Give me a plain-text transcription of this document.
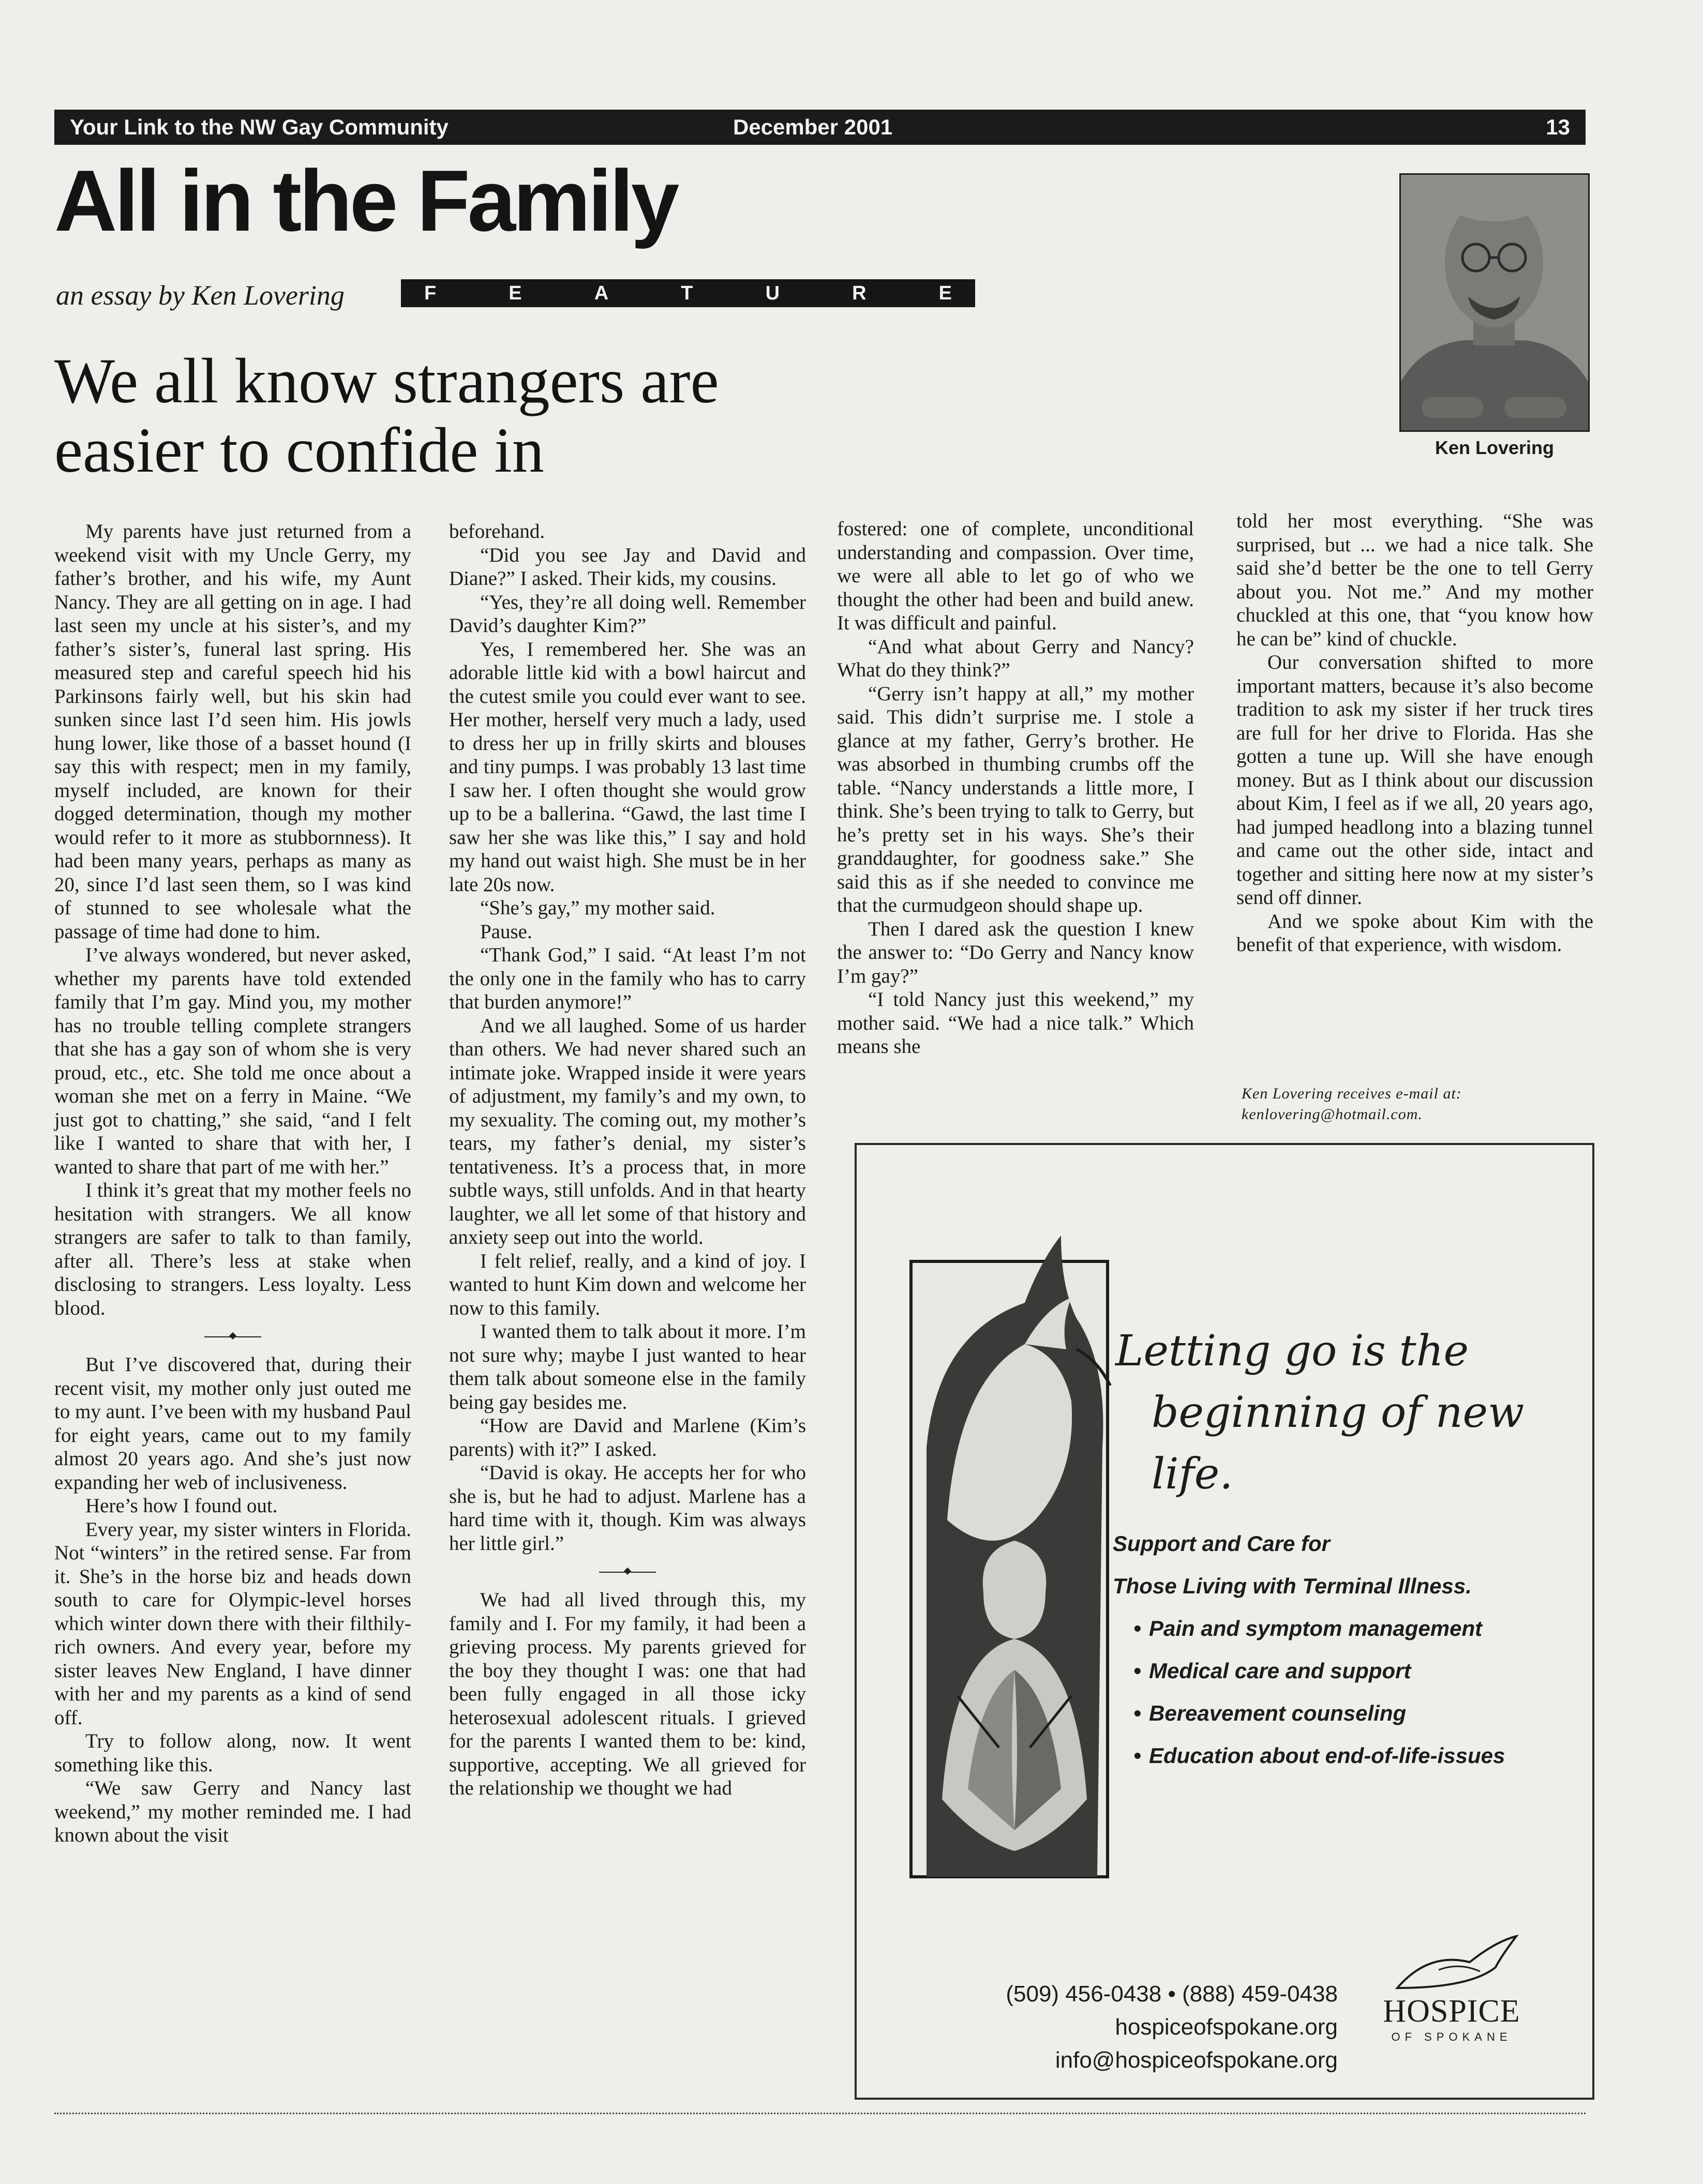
Your Link to the NW Gay Community	December 2001	13
All in the Family
an essay by Ken Lovering	F	E	A	T	U	R	E
We all know strangers are easier to confide in	Ken Lovering

My parents have just returned from a weekend visit with my Uncle Gerry, my father’s brother, and his wife, my Aunt Nancy. They are all getting on in age. I had last seen my uncle at his sister’s, and my father’s sister’s, funeral last spring. His measured step and careful speech hid his Parkinsons fairly well, but his skin had sunken since last I’d seen him. His jowls hung lower, like those of a basset hound (I say this with respect; men in my family, myself included, are known for their dogged determination, though my mother would refer to it more as stubbornness). It had been many years, perhaps as many as 20, since I’d last seen them, so I was kind of stunned to see wholesale what the passage of time had done to him.

I’ve always wondered, but never asked, whether my parents have told extended family that I’m gay. Mind you, my mother has no trouble telling complete strangers that she has a gay son of whom she is very proud, etc., etc. She told me once about a woman she met on a ferry in Maine. “We just got to chatting,” she said, “and I felt like I wanted to share that with her, I wanted to share that part of me with her.”

I think it’s great that my mother feels no hesitation with strangers. We all know strangers are safer to talk to than family, after all. There’s less at stake when disclosing to strangers. Less loyalty. Less blood.

But I’ve discovered that, during their recent visit, my mother only just outed me to my aunt. I’ve been with my husband Paul for eight years, came out to my family almost 20 years ago. And she’s just now expanding her web of inclusiveness.

Here’s how I found out.

Every year, my sister winters in Florida. Not “winters” in the retired sense. Far from it. She’s in the horse biz and heads down south to care for Olympic-level horses which winter down there with their filthily-rich owners. And every year, before my sister leaves New England, I have dinner with her and my parents as a kind of send off.

Try to follow along, now. It went something like this.

“We saw Gerry and Nancy last weekend,” my mother reminded me. I had known about the visit

beforehand.

“Did you see Jay and David and Diane?” I asked. Their kids, my cousins.

“Yes, they’re all doing well. Remember David’s daughter Kim?”

Yes, I remembered her. She was an adorable little kid with a bowl haircut and the cutest smile you could ever want to see. Her mother, herself very much a lady, used to dress her up in frilly skirts and blouses and tiny pumps. I was probably 13 last time I saw her. I often thought she would grow up to be a ballerina. “Gawd, the last time I saw her she was like this,” I say and hold my hand out waist high. She must be in her late 20s now.

“She’s gay,” my mother said.

Pause.

“Thank God,” I said. “At least I’m not the only one in the family who has to carry that burden anymore!”

And we all laughed. Some of us harder than others. We had never shared such an intimate joke. Wrapped inside it were years of adjustment, my family’s and my own, to my sexuality. The coming out, my mother’s tears, my father’s denial, my sister’s tentativeness. It’s a process that, in more subtle ways, still unfolds. And in that hearty laughter, we all let some of that history and anxiety seep out into the world.

I felt relief, really, and a kind of joy. I wanted to hunt Kim down and welcome her now to this family.

I wanted them to talk about it more. I’m not sure why; maybe I just wanted to hear them talk about someone else in the family being gay besides me.

“How are David and Marlene (Kim’s parents) with it?” I asked.

“David is okay. He accepts her for who she is, but he had to adjust. Marlene has a hard time with it, though. Kim was always her little girl.”

We had all lived through this, my family and I. For my family, it had been a grieving process. My parents grieved for the boy they thought I was: one that had been fully engaged in all those icky heterosexual adolescent rituals. I grieved for the parents I wanted them to be: kind, supportive, accepting. We all grieved for the relationship we thought we had

fostered: one of complete, unconditional understanding and compassion. Over time, we were all able to let go of who we thought the other had been and build anew. It was difficult and painful.

“And what about Gerry and Nancy? What do they think?”

“Gerry isn’t happy at all,” my mother said. This didn’t surprise me. I stole a glance at my father, Gerry’s brother. He was absorbed in thumbing crumbs off the table. “Nancy understands a little more, I think. She’s been trying to talk to Gerry, but he’s pretty set in his ways. She’s their granddaughter, for goodness sake.” She said this as if she needed to convince me that the curmudgeon should shape up.

Then I dared ask the question I knew the answer to: “Do Gerry and Nancy know I’m gay?”

“I told Nancy just this weekend,” my mother said. “We had a nice talk.” Which means she

told her most everything. “She was surprised, but ... we had a nice talk. She said she’d better be the one to tell Gerry about you. Not me.” And my mother chuckled at this one, that “you know how he can be” kind of chuckle.

Our conversation shifted to more important matters, because it’s also become tradition to ask my sister if her truck tires are full for her drive to Florida. Has she gotten a tune up. Will she have enough money. But as I think about our discussion about Kim, I feel as if we all, 20 years ago, had jumped headlong into a blazing tunnel and came out the other side, intact and together and sitting here now at my sister’s send off dinner.

And we spoke about Kim with the benefit of that experience, with wisdom.

Ken Lovering receives e-mail at:
kenlovering@hotmail.com.
Letting go is the
beginning of new life.
Support and Care for
Those Living with Terminal Illness.
• Pain and symptom management
• Medical care and support
• Bereavement counseling
• Education about end-of-life-issues
(509) 456-0438 • (888) 459-0438
hospiceofspokane.org
info@hospiceofspokane.org
HOSPICE
OF SPOKANE
